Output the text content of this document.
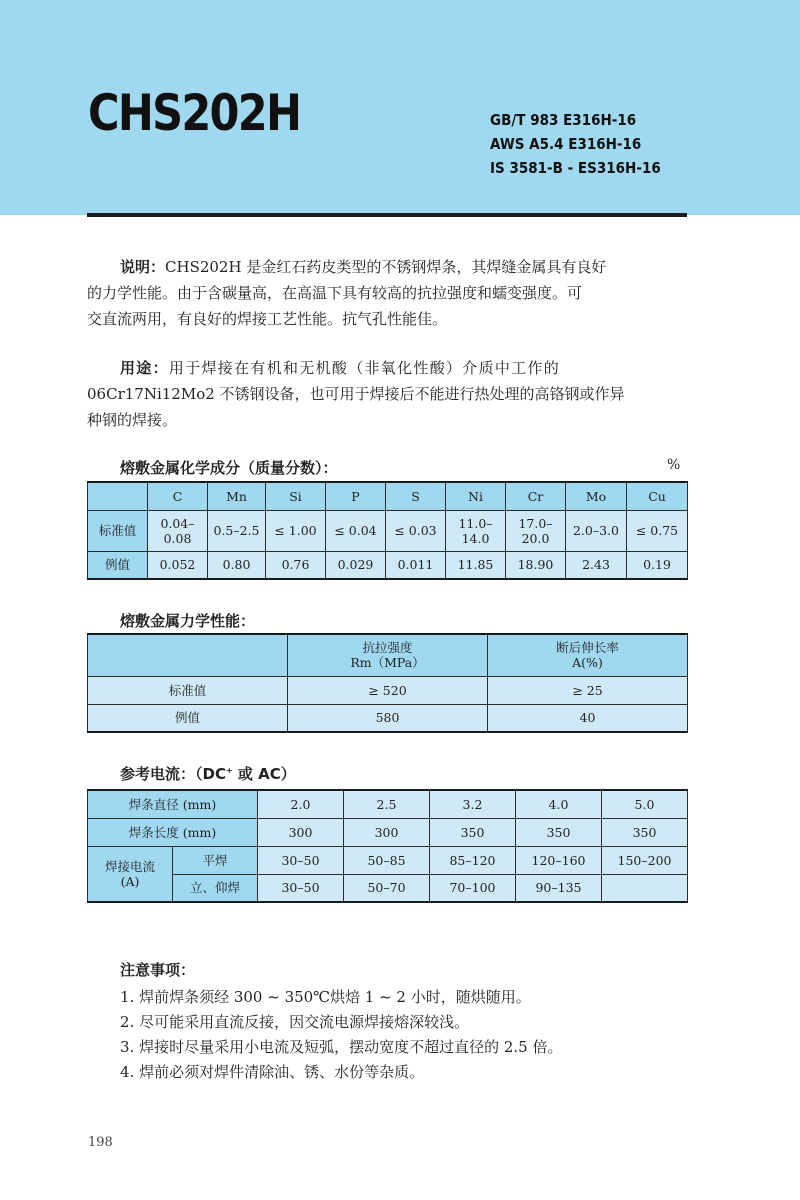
CHS202H	GB/T 983 E316H-16
AWS A5.4 E316H-16
IS 3581-B - ES316H-16
说明：CHS202H 是金红石药皮类型的不锈钢焊条，其焊缝金属具有良好
的力学性能。由于含碳量高，在高温下具有较高的抗拉强度和蠕变强度。可
交直流两用，有良好的焊接工艺性能。抗气孔性能佳。
用途：用于焊接在有机和无机酸（非氧化性酸）介质中工作的
06Cr17Ni12Mo2 不锈钢设备，也可用于焊接后不能进行热处理的高铬钢或作异
种钢的焊接。
熔敷金属化学成分（质量分数）：	%
	C	Mn	Si	P	S	Ni	Cr	Mo	Cu
标准值	0.04–
0.08	0.5–2.5	≤ 1.00	≤ 0.04	≤ 0.03	11.0–
14.0	17.0–
20.0	2.0–3.0	≤ 0.75
例值	0.052	0.80	0.76	0.029	0.011	11.85	18.90	2.43	0.19
熔敷金属力学性能：
	抗拉强度
Rm（MPa）	断后伸长率
A(%)
标准值	≥ 520	≥ 25
例值	580	40
参考电流：（DC+ 或 AC）
焊条直径 (mm)		2.0	2.5	3.2	4.0	5.0
焊条长度 (mm)		300	300	350	350	350
焊接电流
(A)	平焊	30–50	50–85	85–120	120–160	150–200
	立、仰焊	30–50	50–70	70–100	90–135	
注意事项：
1. 焊前焊条须经 300 ~ 350℃烘焙 1 ~ 2 小时，随烘随用。
2. 尽可能采用直流反接，因交流电源焊接熔深较浅。
3. 焊接时尽量采用小电流及短弧，摆动宽度不超过直径的 2.5 倍。
4. 焊前必须对焊件清除油、锈、水份等杂质。
198
